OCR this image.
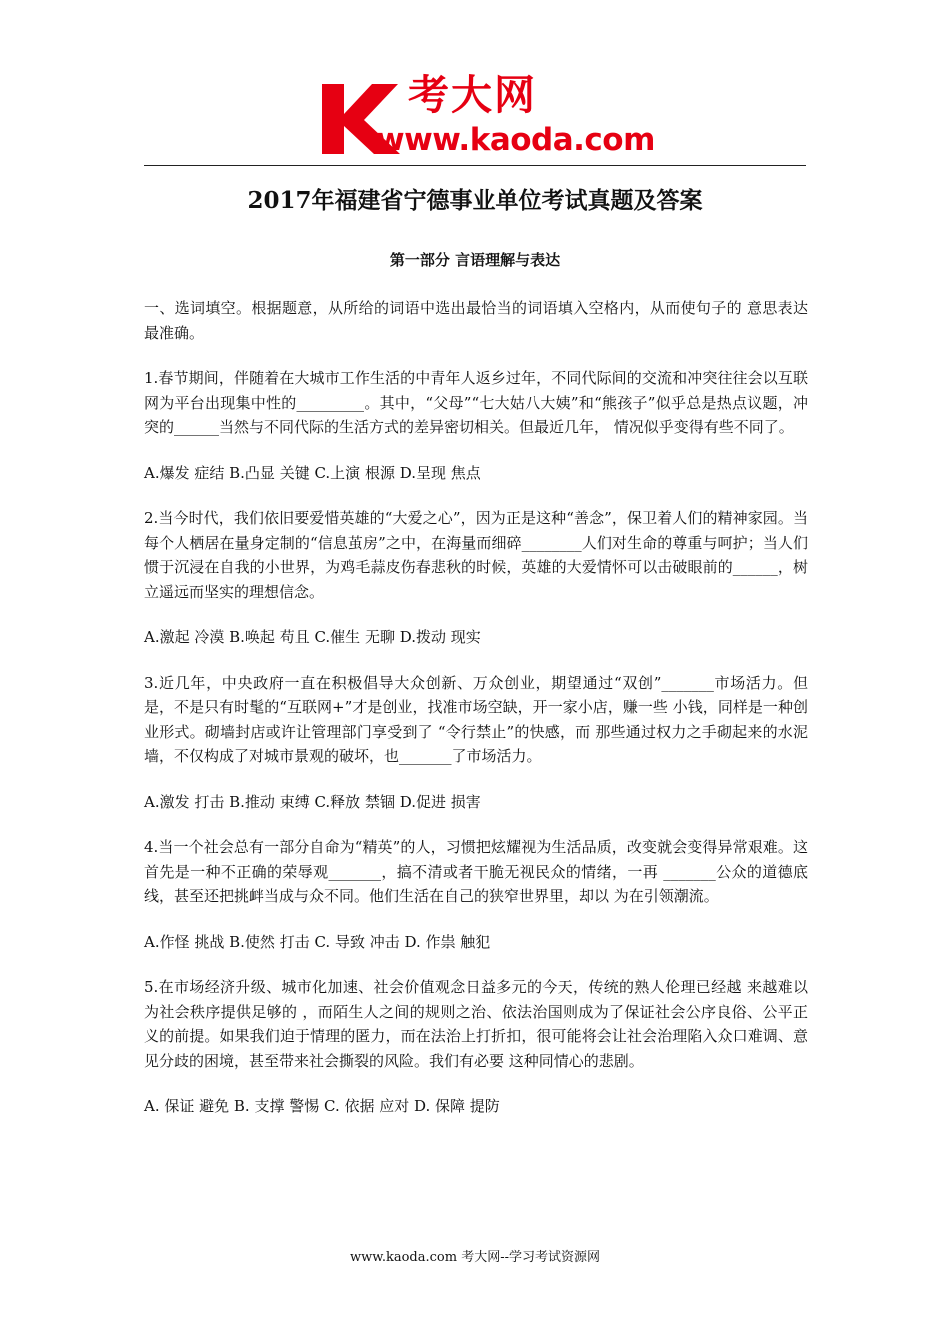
考大网
www.kaoda.com
2017年福建省宁德事业单位考试真题及答案
第一部分 言语理解与表达

一、选词填空。根据题意，从所给的词语中选出最恰当的词语填入空格内，从而使句子的 意思表达最准确。

1.春节期间，伴随着在大城市工作生活的中青年人返乡过年，不同代际间的交流和冲突往往会以互联网为平台出现集中性的_________。其中，“父母”“七大姑八大姨”和“熊孩子”似乎总是热点议题，冲突的______当然与不同代际的生活方式的差异密切相关。但最近几年， 情况似乎变得有些不同了。

A.爆发 症结 B.凸显 关键 C.上演 根源 D.呈现 焦点

2.当今时代，我们依旧要爱惜英雄的“大爱之心”，因为正是这种“善念”，保卫着人们的精神家园。当每个人栖居在量身定制的“信息茧房”之中，在海量而细碎________人们对生命的尊重与呵护；当人们惯于沉浸在自我的小世界，为鸡毛蒜皮伤春悲秋的时候，英雄的大爱情怀可以击破眼前的______，树立遥远而坚实的理想信念。

A.激起 冷漠 B.唤起 苟且 C.催生 无聊 D.拨动 现实

3.近几年，中央政府一直在积极倡导大众创新、万众创业，期望通过“双创”_______市场活力。但是，不是只有时髦的“互联网+”才是创业，找准市场空缺，开一家小店，赚一些 小钱，同样是一种创业形式。砌墙封店或许让管理部门享受到了 “令行禁止”的快感，而 那些通过权力之手砌起来的水泥墙，不仅构成了对城市景观的破坏，也_______了市场活力。

A.激发 打击 B.推动 束缚 C.释放 禁锢 D.促进 损害

4.当一个社会总有一部分自命为“精英”的人，习惯把炫耀视为生活品质，改变就会变得异常艰难。这首先是一种不正确的荣辱观_______，搞不清或者干脆无视民众的情绪，一再 _______公众的道德底线，甚至还把挑衅当成与众不同。他们生活在自己的狭窄世界里，却以 为在引领潮流。

A.作怪 挑战 B.使然 打击 C. 导致 冲击 D. 作祟 触犯

5.在市场经济升级、城市化加速、社会价值观念日益多元的今天，传统的熟人伦理已经越 来越难以为社会秩序提供足够的 ，而陌生人之间的规则之治、依法治国则成为了保证社会公序良俗、公平正义的前提。如果我们迫于情理的匿力，而在法治上打折扣，很可能将会让社会治理陷入众口难调、意见分歧的困境，甚至带来社会撕裂的风险。我们有必要 这种同情心的悲剧。

A. 保证 避免 B. 支撑 警惕 C. 依据 应对 D. 保障 提防

www.kaoda.com 考大网--学习考试资源网
